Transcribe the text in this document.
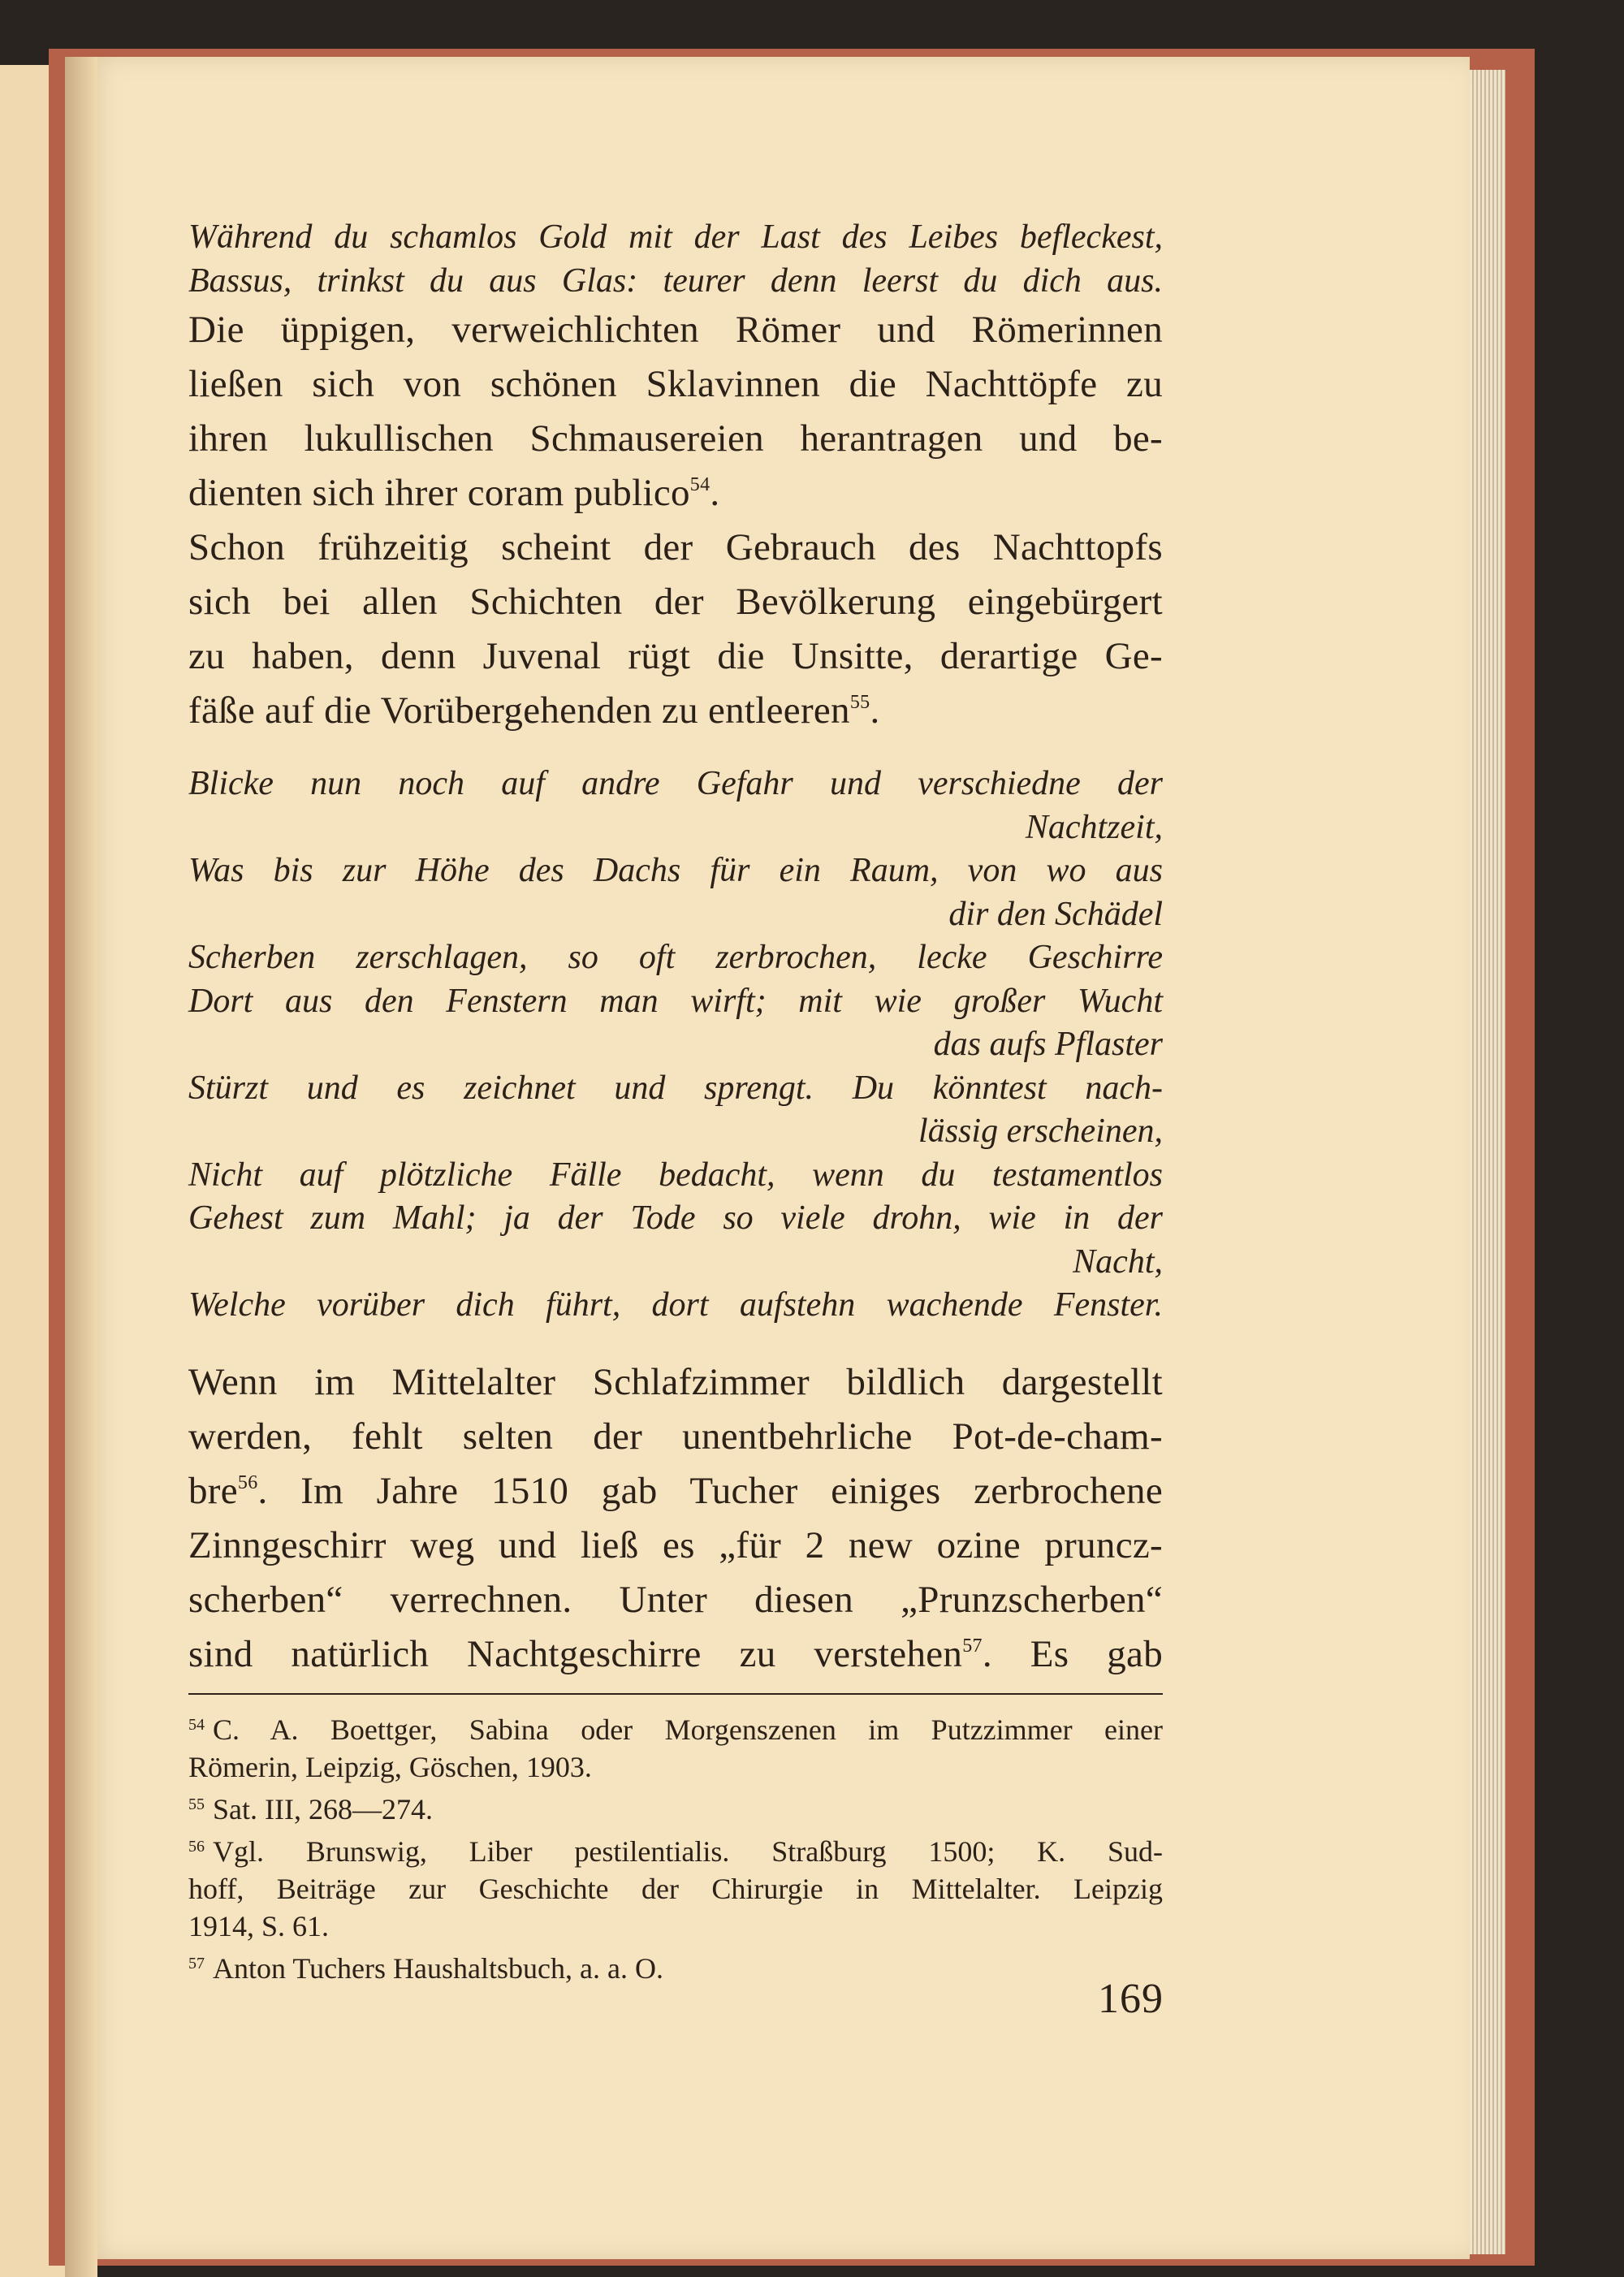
Während du schamlos Gold mit der Last des Leibes befleckest,
Bassus, trinkst du aus Glas: teurer denn leerst du dich aus.

Die üppigen, verweichlichten Römer und Römerinnen
ließen sich von schönen Sklavinnen die Nachttöpfe zu
ihren lukullischen Schmausereien herantragen und be-
dienten sich ihrer coram publico$^{54}$.

Schon frühzeitig scheint der Gebrauch des Nachttopfs
sich bei allen Schichten der Bevölkerung eingebürgert
zu haben, denn Juvenal rügt die Unsitte, derartige Ge-
fäße auf die Vorübergehenden zu entleeren$^{55}$.

Blicke nun noch auf andre Gefahr und verschiedne der
Nachtzeit,
Was bis zur Höhe des Dachs für ein Raum, von wo aus
dir den Schädel
Scherben zerschlagen, so oft zerbrochen, lecke Geschirre
Dort aus den Fenstern man wirft; mit wie großer Wucht
das aufs Pflaster
Stürzt und es zeichnet und sprengt. Du könntest nach-
lässig erscheinen,
Nicht auf plötzliche Fälle bedacht, wenn du testamentlos
Gehest zum Mahl; ja der Tode so viele drohn, wie in der
Nacht,
Welche vorüber dich führt, dort aufstehn wachende Fenster.

Wenn im Mittelalter Schlafzimmer bildlich dargestellt
werden, fehlt selten der unentbehrliche Pot-de-cham-
bre$^{56}$. Im Jahre 1510 gab Tucher einiges zerbrochene
Zinngeschirr weg und ließ es „für 2 new ozine pruncz-
scherben“ verrechnen. Unter diesen „Prunzscherben“
sind natürlich Nachtgeschirre zu verstehen$^{57}$. Es gab

$^{54}$ C. A. Boettger, Sabina oder Morgenszenen im Putzzimmer einer
Römerin, Leipzig, Göschen, 1903.
$^{55}$ Sat. III, 268—274.
$^{56}$ Vgl. Brunswig, Liber pestilentialis. Straßburg 1500; K. Sud-
hoff, Beiträge zur Geschichte der Chirurgie in Mittelalter. Leipzig
1914, S. 61.
$^{57}$ Anton Tuchers Haushaltsbuch, a. a. O.
169
